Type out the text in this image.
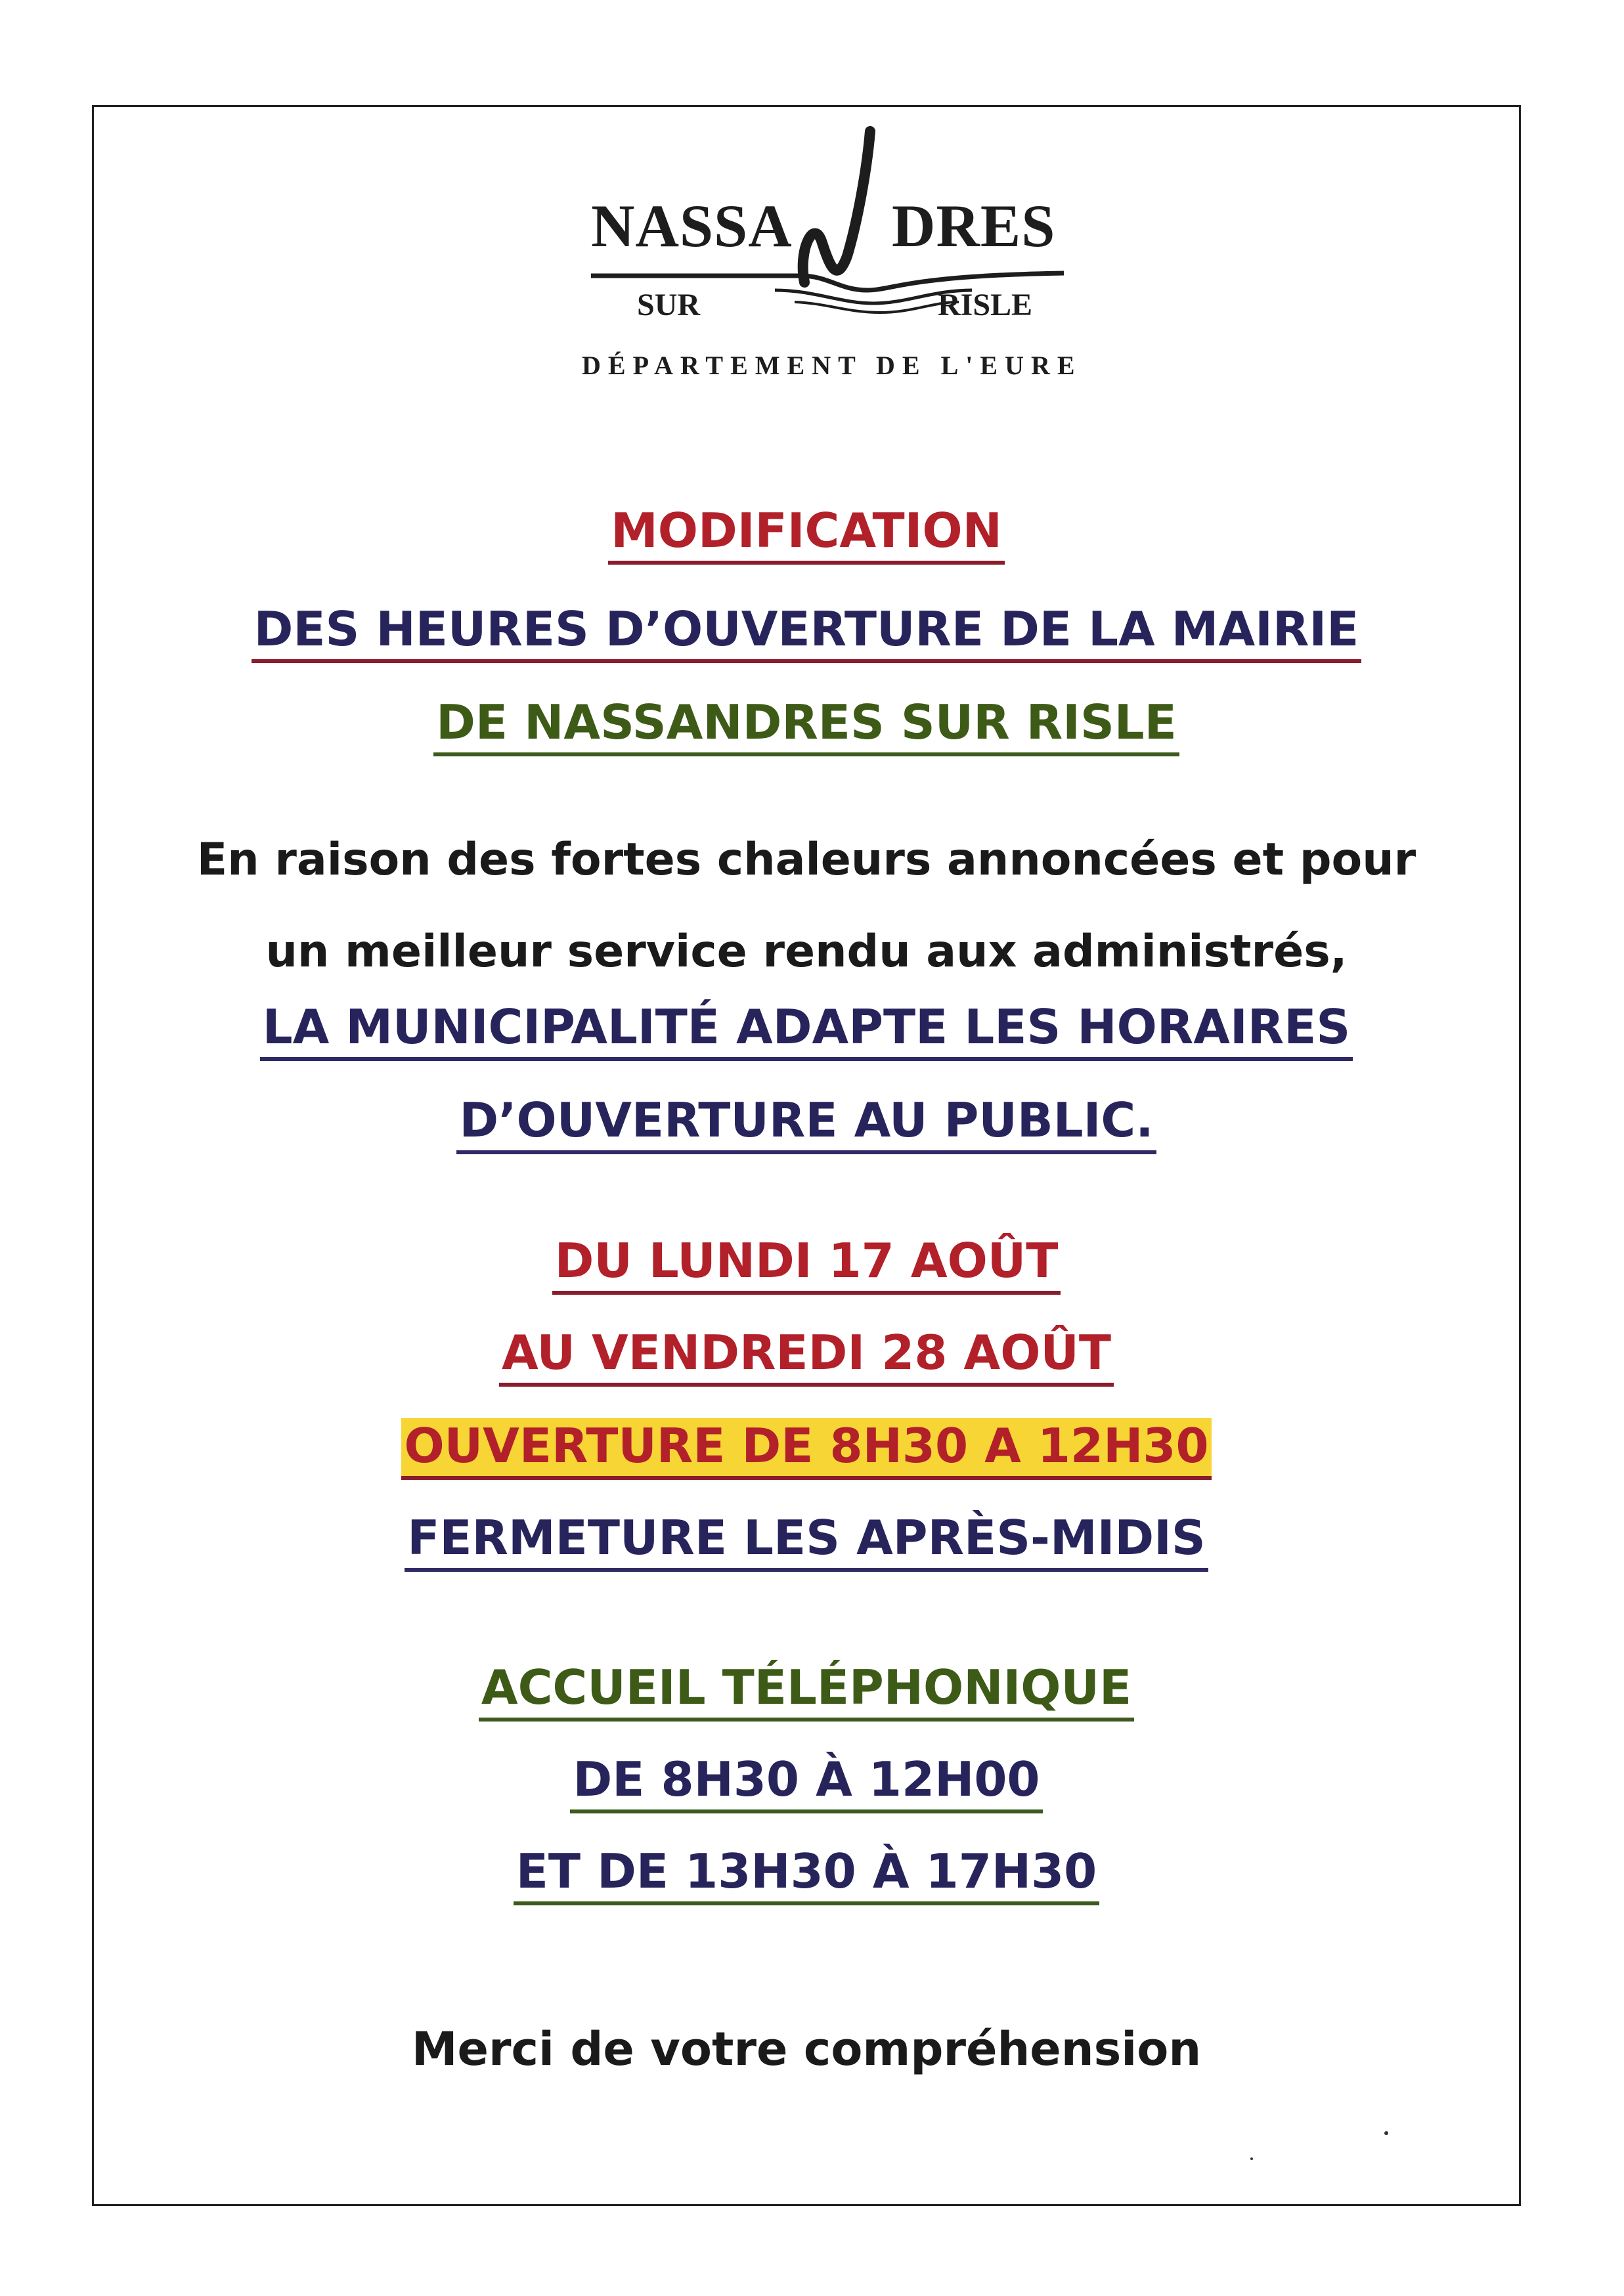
NASSA DRES
SUR	RISLE
DÉPARTEMENT DE L'EURE
MODIFICATION
DES HEURES D’OUVERTURE DE LA MAIRIE
DE NASSANDRES SUR RISLE
En raison des fortes chaleurs annoncées et pour
un meilleur service rendu aux administrés,
LA MUNICIPALITÉ ADAPTE LES HORAIRES
D’OUVERTURE AU PUBLIC.
DU LUNDI 17 AOÛT
AU VENDREDI 28 AOÛT
OUVERTURE DE 8H30 A 12H30
FERMETURE LES APRÈS-MIDIS
ACCUEIL TÉLÉPHONIQUE
DE 8H30 À 12H00
ET DE 13H30 À 17H30
Merci de votre compréhension
